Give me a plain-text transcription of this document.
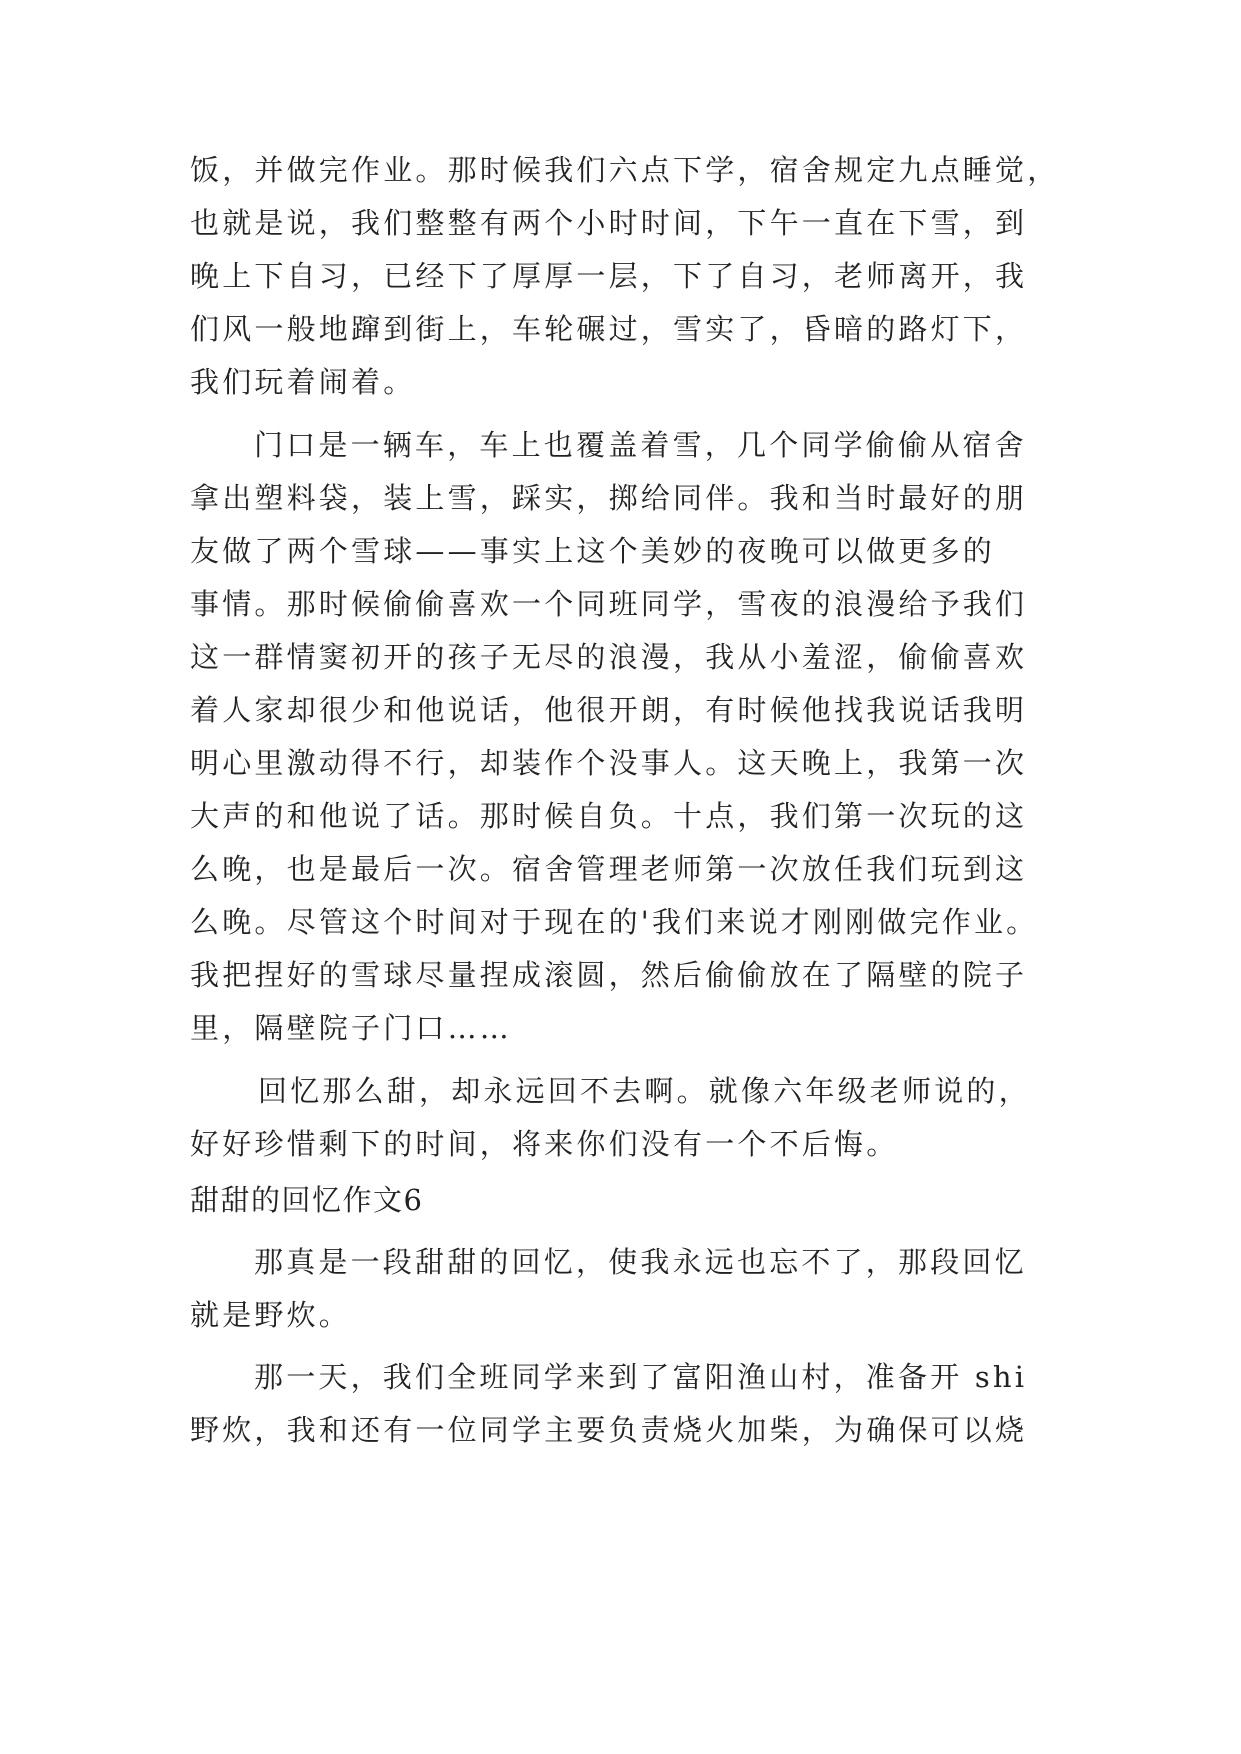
饭，并做完作业。那时候我们六点下学，宿舍规定九点睡觉，
也就是说，我们整整有两个小时时间，下午一直在下雪，到
晚上下自习，已经下了厚厚一层，下了自习，老师离开，我
们风一般地蹿到街上，车轮碾过，雪实了，昏暗的路灯下，
我们玩着闹着。
门口是一辆车，车上也覆盖着雪，几个同学偷偷从宿舍
拿出塑料袋，装上雪，踩实，掷给同伴。我和当时最好的朋
友做了两个雪球——事实上这个美妙的夜晚可以做更多的
事情。那时候偷偷喜欢一个同班同学，雪夜的浪漫给予我们
这一群情窦初开的孩子无尽的浪漫，我从小羞涩，偷偷喜欢
着人家却很少和他说话，他很开朗，有时候他找我说话我明
明心里激动得不行，却装作个没事人。这天晚上，我第一次
大声的和他说了话。那时候自负。十点，我们第一次玩的这
么晚，也是最后一次。宿舍管理老师第一次放任我们玩到这
么晚。尽管这个时间对于现在的'我们来说才刚刚做完作业。
我把捏好的雪球尽量捏成滚圆，然后偷偷放在了隔壁的院子
里，隔壁院子门口……
回忆那么甜，却永远回不去啊。就像六年级老师说的，
好好珍惜剩下的时间，将来你们没有一个不后悔。
甜甜的回忆作文6
那真是一段甜甜的回忆，使我永远也忘不了，那段回忆
就是野炊。
那一天，我们全班同学来到了富阳渔山村，准备开 shi
野炊，我和还有一位同学主要负责烧火加柴，为确保可以烧
